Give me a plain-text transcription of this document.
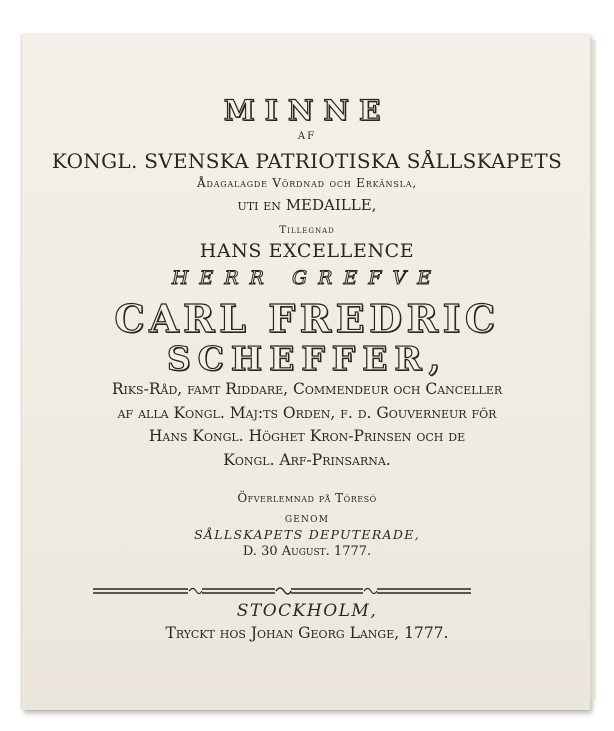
MINNE
AF
KONGL. SVENSKA PATRIOTISKA SÅLLSKAPETS
Ådagalagde Vördnad och Erkänsla,
uti en MEDAILLE,
Tillegnad
HANS EXCELLENCE
HERR GREFVE
CARL FREDRIC
SCHEFFER,
Riks-Råd, famt Riddare, Commendeur och Canceller
af alla Kongl. Maj:ts Orden, f. d. Gouverneur för
Hans Kongl. Höghet Kron-Prinsen och de
Kongl. Arf-Prinsarna.
Öfverlemnad på Tóresó
GENOM
SÅLLSKAPETS DEPUTERADE,
D. 30 August. 1777.
STOCKHOLM,
Tryckt hos Johan Georg Lange, 1777.
